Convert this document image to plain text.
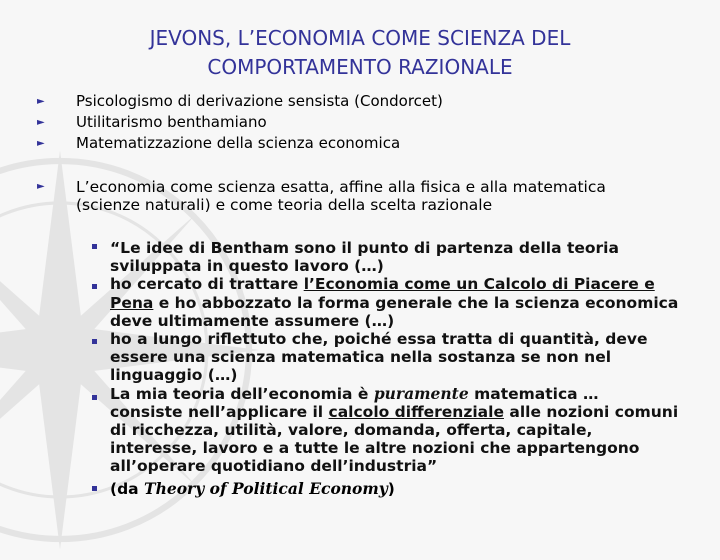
JEVONS, L’ECONOMIA COME SCIENZA DEL
COMPORTAMENTO RAZIONALE
► Psicologismo di derivazione sensista (Condorcet)
► Utilitarismo benthamiano
► Matematizzazione della scienza economica
► L’economia come scienza esatta, affine alla fisica e alla matematica
(scienze naturali) e come teoria della scelta razionale

“Le idee di Bentham sono il punto di partenza della teoria

sviluppata in questo lavoro (…)

ho cercato di trattare l’Economia come un Calcolo di Piacere e

Pena e ho abbozzato la forma generale che la scienza economica

deve ultimamente assumere (…)

ho a lungo riflettuto che, poiché essa tratta di quantità, deve

essere una scienza matematica nella sostanza se non nel

linguaggio (…)

La mia teoria dell’economia è puramente matematica …

consiste nell’applicare il calcolo differenziale alle nozioni comuni

di ricchezza, utilità, valore, domanda, offerta, capitale,

interesse, lavoro e a tutte le altre nozioni che appartengono

all’operare quotidiano dell’industria”

(da Theory of Political Economy)
